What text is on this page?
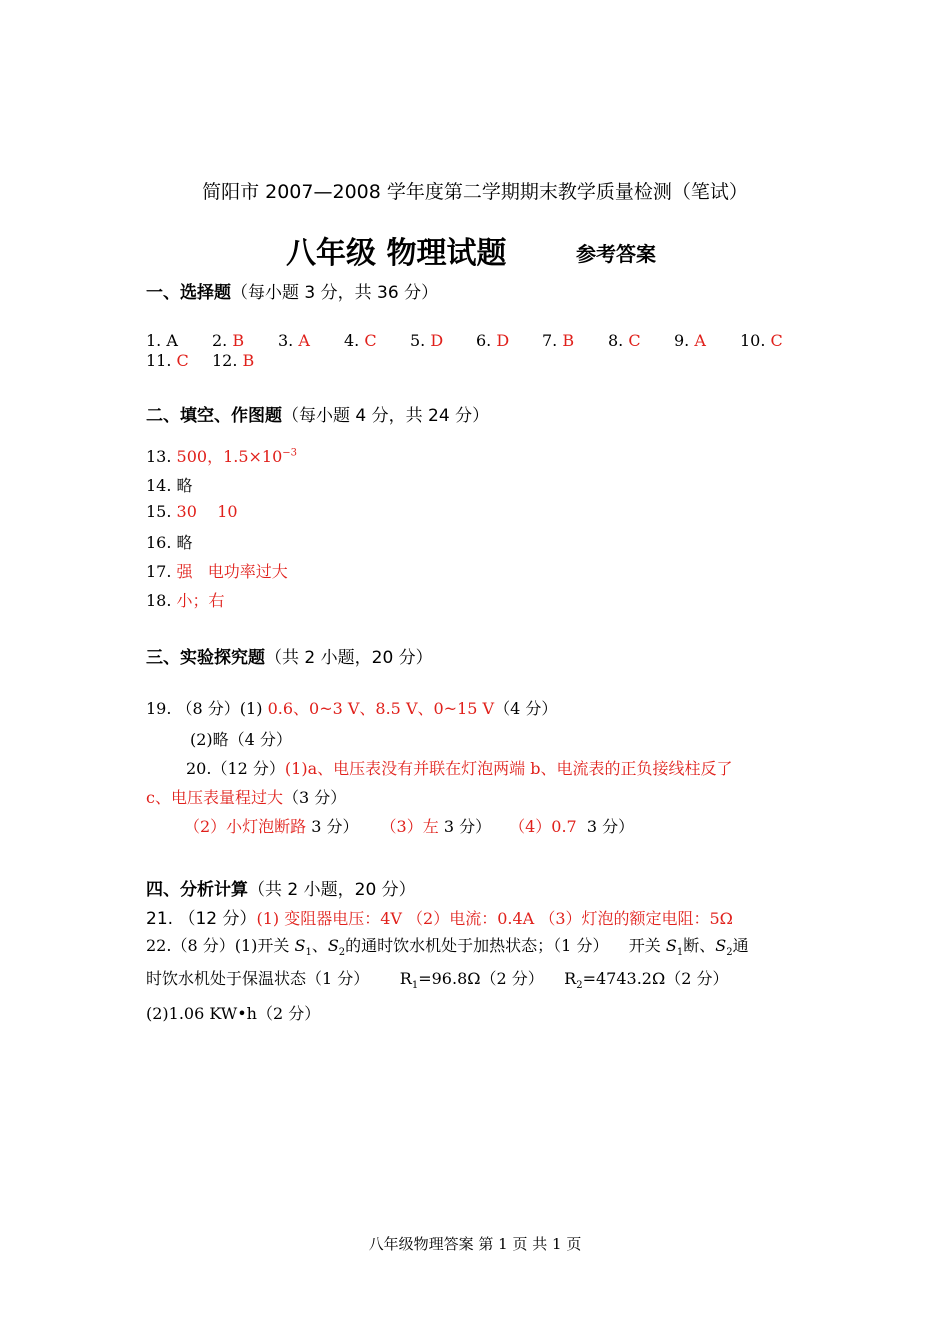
简阳市 2007—2008 学年度第二学期期末教学质量检测（笔试）
八年级 物理试题	参考答案
一、选择题（每小题 3 分，共 36 分）
1. A 2. B 3. A 4. C 5. D 6. D 7. B 8. C 9. A 10. C
11. C 12. B
二、填空、作图题（每小题 4 分，共 24 分）
13. 500，$1.5\times 10^{-3}$
14. 略
15. 30    10
16. 略
17. 强   电功率过大
18. 小；右
三、实验探究题（共 2 小题，20 分）
19. （8 分）(1) 0.6、0~3 V、8.5 V、0~15 V（4 分）
(2)略（4 分）
20.（12 分）(1)a、电压表没有并联在灯泡两端 b、电流表的正负接线柱反了
c、电压表量程过大（3 分）
（2）小灯泡断路 3 分） （3）左 3 分） （4）0.7  3 分）
四、分析计算（共 2 小题，20 分）
21. （12 分）(1) 变阻器电压：4V （2）电流：0.4A （3）灯泡的额定电阻：5Ω
22.（8 分）(1)开关 $S_1$、$S_2$的通时饮水机处于加热状态；（1 分）    开关 $S_1$断、$S_2$通
时饮水机处于保温状态（1 分）      $R_1=96.8\Omega(2$ 分）    $R_2=4743.2\Omega(2$ 分）
(2)1.06 KW•h（2 分）
八年级物理答案 第 1 页 共 1 页
